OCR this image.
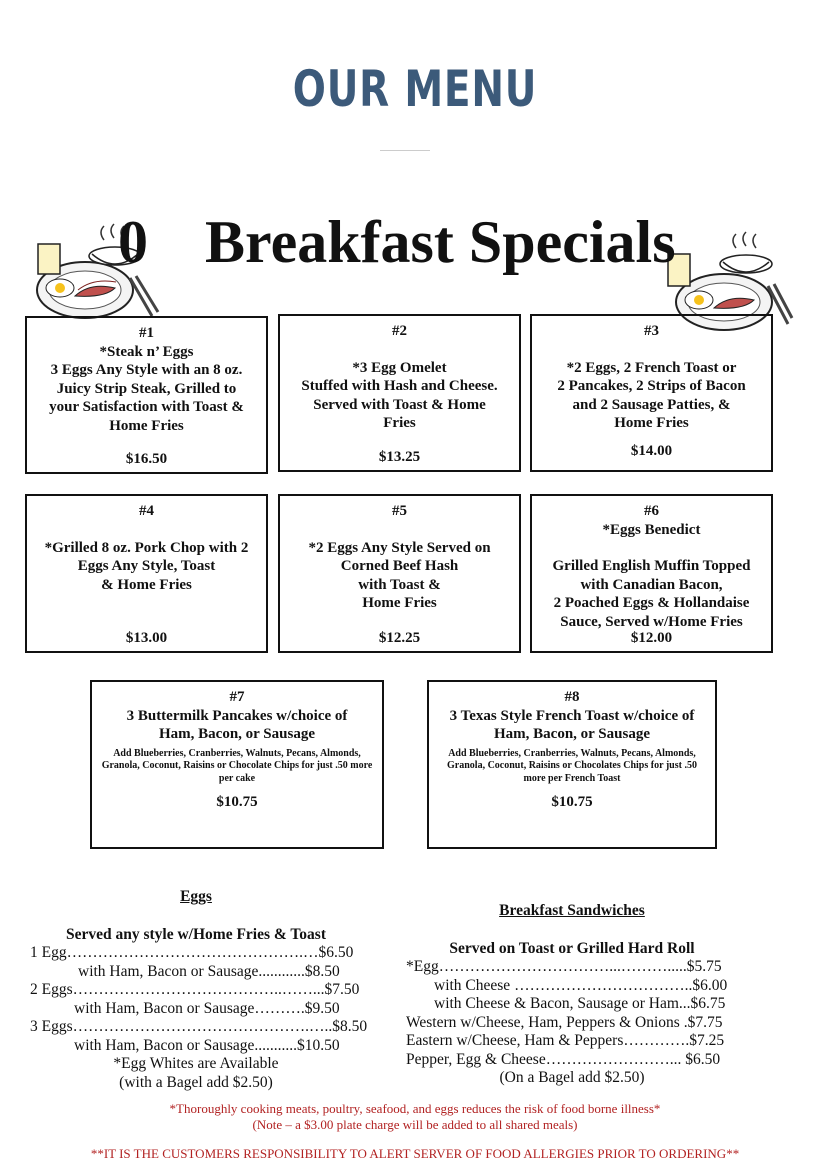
OUR MENU
0 Breakfast Specials
#1
*Steak n’ Eggs
3 Eggs Any Style with an 8 oz.
Juicy Strip Steak, Grilled to
your Satisfaction with Toast &
Home Fries
$16.50
#2
*3 Egg Omelet
Stuffed with Hash and Cheese.
Served with Toast & Home
Fries
$13.25
#3
*2 Eggs, 2 French Toast or
2 Pancakes, 2 Strips of Bacon
and 2 Sausage Patties, &
Home Fries
$14.00
#4
*Grilled 8 oz. Pork Chop with 2
Eggs Any Style, Toast
& Home Fries
$13.00
#5
*2 Eggs Any Style Served on
Corned Beef Hash
with Toast &
Home Fries
$12.25
#6
*Eggs Benedict
Grilled English Muffin Topped
with Canadian Bacon,
2 Poached Eggs & Hollandaise
Sauce, Served w/Home Fries
$12.00
#7
3 Buttermilk Pancakes w/choice of
Ham, Bacon, or Sausage
Add Blueberries, Cranberries, Walnuts, Pecans, Almonds, Granola, Coconut, Raisins or Chocolate Chips for just .50 more per cake
$10.75
#8
3 Texas Style French Toast w/choice of
Ham, Bacon, or Sausage
Add Blueberries, Cranberries, Walnuts, Pecans, Almonds, Granola, Coconut, Raisins or Chocolates Chips for just .50 more per French Toast
$10.75
Eggs
Served any style w/Home Fries & Toast
1 Egg……………………………………….…$6.50
with Ham, Bacon or Sausage............$8.50
2 Eggs…………………………………..……...$7.50
with Ham, Bacon or Sausage……….$9.50
3 Eggs……………………………………….…..$8.50
with Ham, Bacon or Sausage...........$10.50
*Egg Whites are Available
(with a Bagel add $2.50)
Breakfast Sandwiches
Served on Toast or Grilled Hard Roll
*Egg……………………………...……….....$5.75
with Cheese ……………………………..$6.00
with Cheese & Bacon, Sausage or Ham...$6.75
Western w/Cheese, Ham, Peppers & Onions .$7.75
Eastern w/Cheese, Ham & Peppers………….$7.25
Pepper, Egg & Cheese……………………... $6.50
(On a Bagel add $2.50)
*Thoroughly cooking meats, poultry, seafood, and eggs reduces the risk of food borne illness*
(Note – a $3.00 plate charge will be added to all shared meals)
**IT IS THE CUSTOMERS RESPONSIBILITY TO ALERT SERVER OF FOOD ALLERGIES PRIOR TO ORDERING**
